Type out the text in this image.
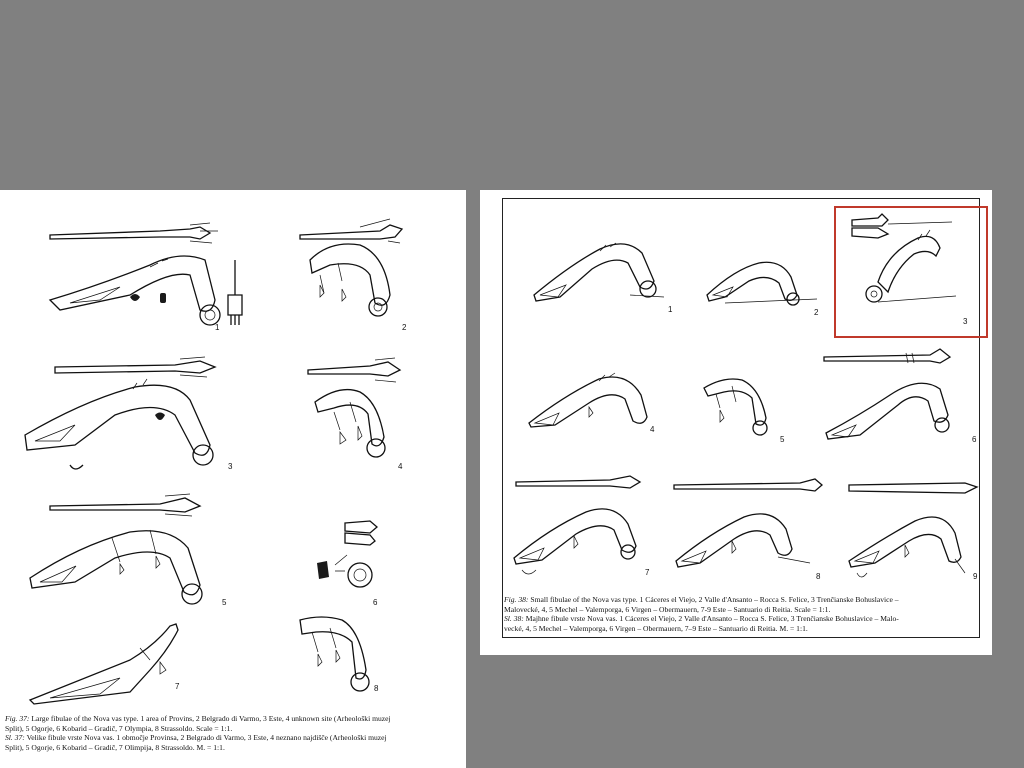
1	2
3	4
5	6
7	8

Fig. 37: Large fibulae of the Nova vas type. 1 area of Provins, 2 Belgrado di Varmo, 3 Este, 4 unknown site (Arheološki muzej
Split), 5 Ogorje, 6 Kobarid – Gradič, 7 Olympia, 8 Strassoldo. Scale = 1:1.
Sl. 37: Velike fibule vrste Nova vas. 1 območje Provinsa, 2 Belgrado di Varmo, 3 Este, 4 neznano najdišče (Arheološki muzej
Split), 5 Ogorje, 6 Kobarid – Gradič, 7 Olimpija, 8 Strassoldo. M. = 1:1.

1	2
3
4
5	6
7	8	9

Fig. 38: Small fibulae of the Nova vas type. 1 Cáceres el Viejo, 2 Valle d'Ansanto – Rocca S. Felice, 3 Trenčianske Bohuslavice –
Malovecké, 4, 5 Mechel – Valemporga, 6 Virgen – Obermauern, 7-9 Este – Santuario di Reitia. Scale = 1:1.
Sl. 38: Majhne fibule vrste Nova vas. 1 Cáceres el Viejo, 2 Valle d'Ansanto – Rocca S. Felice, 3 Trenčianske Bohuslavice – Malo-
vecké, 4, 5 Mechel – Valemporga, 6 Virgen – Obermauern, 7–9 Este – Santuario di Reitia. M. = 1:1.
